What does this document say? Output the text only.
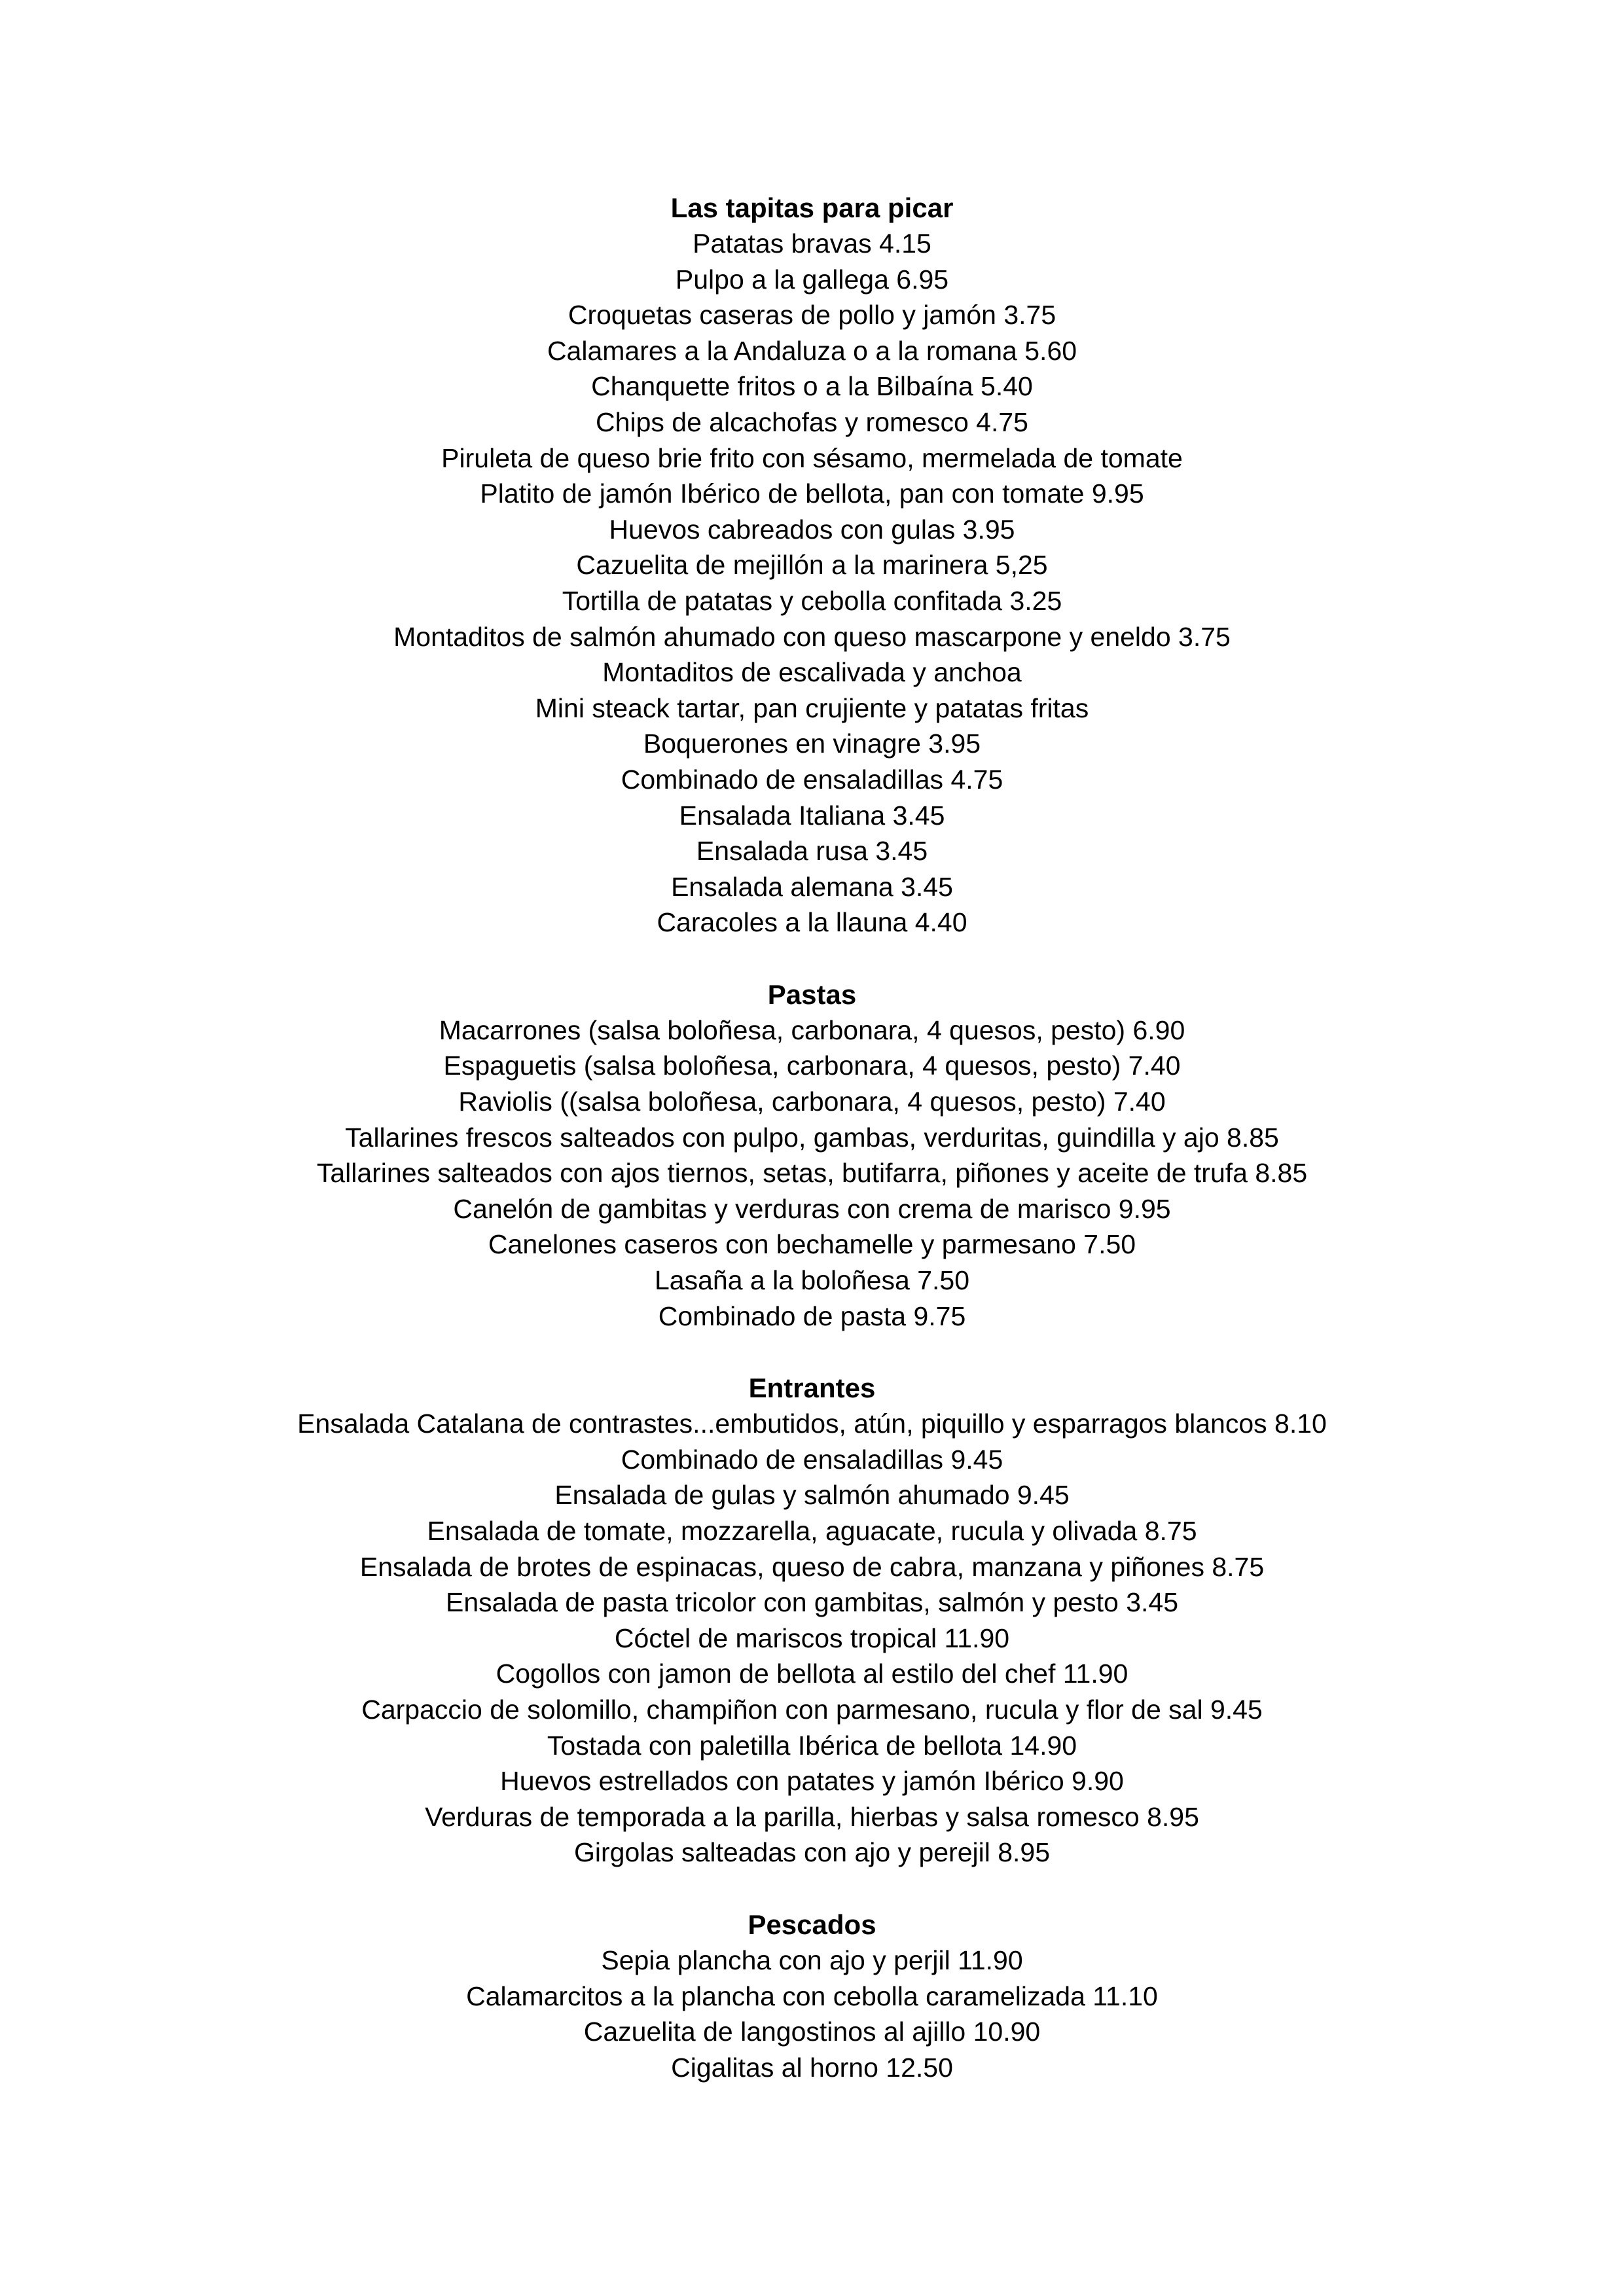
Las tapitas para picar

Patatas bravas 4.15

Pulpo a la gallega 6.95

Croquetas caseras de pollo y jamón 3.75

Calamares a la Andaluza o a la romana 5.60

Chanquette fritos o a la Bilbaína 5.40

Chips de alcachofas y romesco 4.75

Piruleta de queso brie frito con sésamo, mermelada de tomate

Platito de jamón Ibérico de bellota, pan con tomate 9.95

Huevos cabreados con gulas 3.95

Cazuelita de mejillón a la marinera 5,25

Tortilla de patatas y cebolla confitada 3.25

Montaditos de salmón ahumado con queso mascarpone y eneldo 3.75

Montaditos de escalivada y anchoa

Mini steack tartar, pan crujiente y patatas fritas

Boquerones en vinagre 3.95

Combinado de ensaladillas 4.75

Ensalada Italiana 3.45

Ensalada rusa 3.45

Ensalada alemana 3.45

Caracoles a la llauna 4.40

Pastas

Macarrones (salsa boloñesa, carbonara, 4 quesos, pesto) 6.90

Espaguetis (salsa boloñesa, carbonara, 4 quesos, pesto) 7.40

Raviolis ((salsa boloñesa, carbonara, 4 quesos, pesto) 7.40

Tallarines frescos salteados con pulpo, gambas, verduritas, guindilla y ajo 8.85

Tallarines salteados con ajos tiernos, setas, butifarra, piñones y aceite de trufa 8.85

Canelón de gambitas y verduras con crema de marisco 9.95

Canelones caseros con bechamelle y parmesano 7.50

Lasaña a la boloñesa 7.50

Combinado de pasta 9.75

Entrantes

Ensalada Catalana de contrastes...embutidos, atún, piquillo y esparragos blancos 8.10

Combinado de ensaladillas 9.45

Ensalada de gulas y salmón ahumado 9.45

Ensalada de tomate, mozzarella, aguacate, rucula y olivada 8.75

Ensalada de brotes de espinacas, queso de cabra, manzana y piñones 8.75

Ensalada de pasta tricolor con gambitas, salmón y pesto 3.45

Cóctel de mariscos tropical 11.90

Cogollos con jamon de bellota al estilo del chef 11.90

Carpaccio de solomillo, champiñon con parmesano, rucula y flor de sal 9.45

Tostada con paletilla Ibérica de bellota 14.90

Huevos estrellados con patates y jamón Ibérico 9.90

Verduras de temporada a la parilla, hierbas y salsa romesco 8.95

Girgolas salteadas con ajo y perejil 8.95

Pescados

Sepia plancha con ajo y perjil 11.90

Calamarcitos a la plancha con cebolla caramelizada 11.10

Cazuelita de langostinos al ajillo 10.90

Cigalitas al horno 12.50
